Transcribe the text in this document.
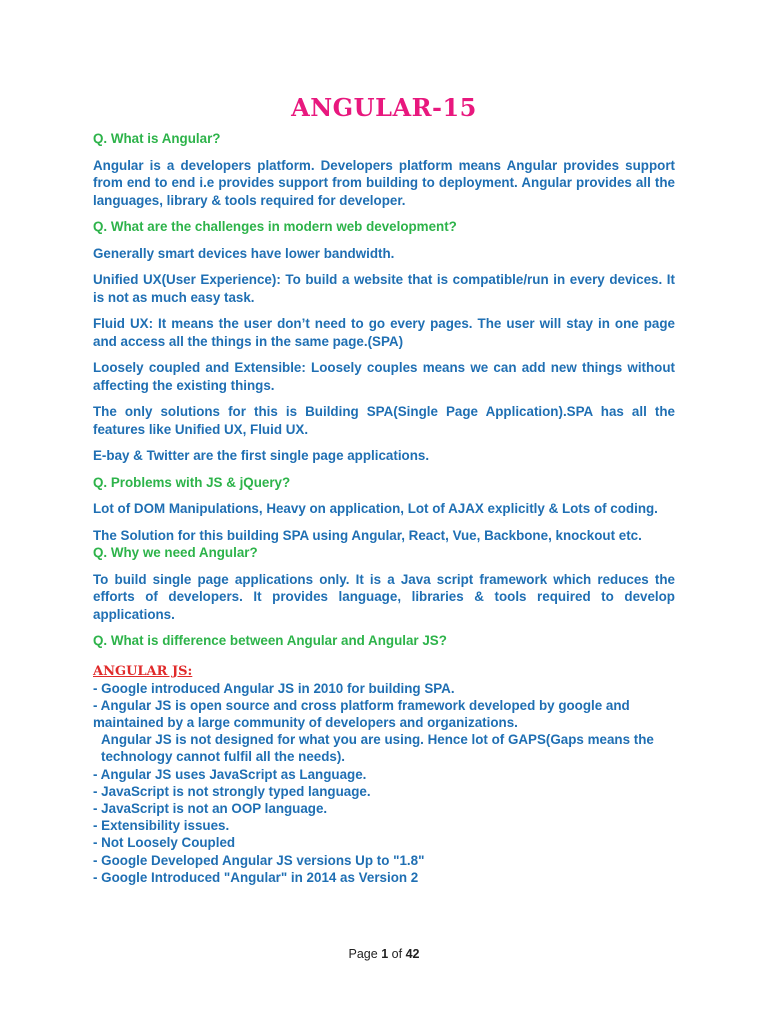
ANGULAR-15

Q. What is Angular?

Angular is a developers platform. Developers platform means Angular provides support from end to end i.e provides support from building to deployment. Angular provides all the languages, library & tools required for developer.

Q. What are the challenges in modern web development?

Generally smart devices have lower bandwidth.

Unified UX(User Experience): To build a website that is compatible/run in every devices. It is not as much easy task.

Fluid UX: It means the user don’t need to go every pages. The user will stay in one page and access all the things in the same page.(SPA)

Loosely coupled and Extensible: Loosely couples means we can add new things without affecting the existing things.

The only solutions for this is Building SPA(Single Page Application).SPA has all the features like Unified UX, Fluid UX.

E-bay & Twitter are the first single page applications.

Q. Problems with JS & jQuery?

Lot of DOM Manipulations, Heavy on application, Lot of AJAX explicitly & Lots of coding.

The Solution for this building SPA using Angular, React, Vue, Backbone, knockout etc.

Q. Why we need Angular?

To build single page applications only. It is a Java script framework which reduces the efforts of developers. It provides language, libraries & tools required to develop applications.

Q. What is difference between Angular and Angular JS?

ANGULAR JS:
- Google introduced Angular JS in 2010 for building SPA.
- Angular JS is open source and cross platform framework developed by google and maintained by a large community of developers and organizations.
Angular JS is not designed for what you are using. Hence lot of GAPS(Gaps means the technology cannot fulfil all the needs).
- Angular JS uses JavaScript as Language.
- JavaScript is not strongly typed language.
- JavaScript is not an OOP language.
- Extensibility issues.
- Not Loosely Coupled
- Google Developed Angular JS versions Up to "1.8"
- Google Introduced "Angular" in 2014 as Version 2
Page 1 of 42
